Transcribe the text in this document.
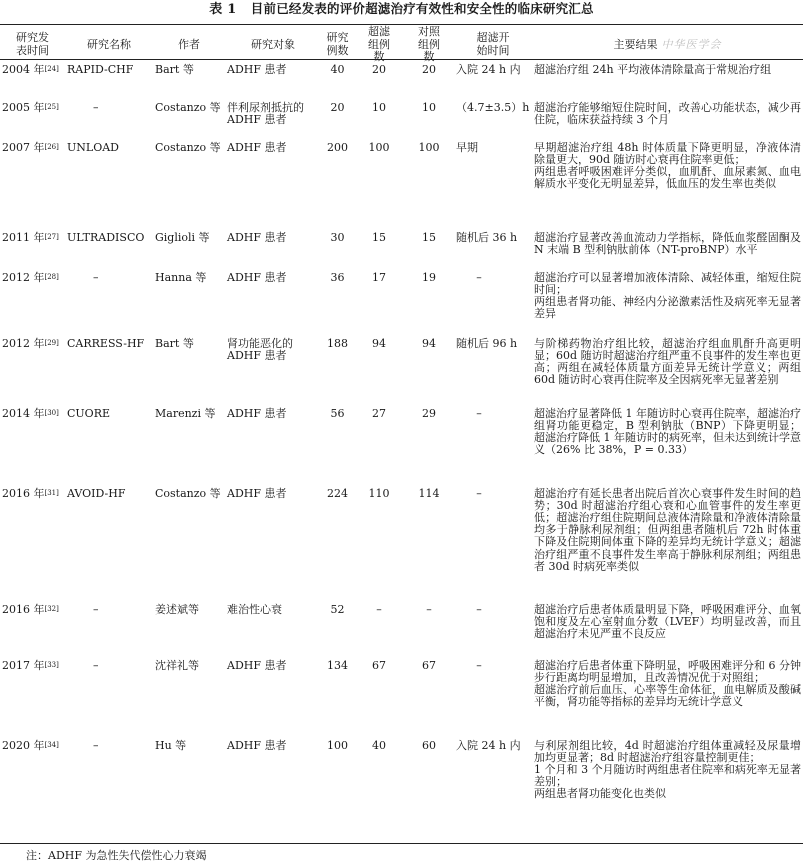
表 1 目前已经发表的评价超滤治疗有效性和安全性的临床研究汇总
研究发表时间	研究名称	作者	研究对象	研究例数	超滤组例数	对照组例数	超滤开始时间	主要结果 中华医学会
2004 年[24]	RAPID-CHF	Bart 等	ADHF 患者	40	20	20	入院 24 h 内	超滤治疗组 24h 平均液体清除量高于常规治疗组

2005 年[25]	–	Costanzo 等	伴利尿剂抵抗的 ADHF 患者	20	10	10	（4.7±3.5）h	超滤治疗能够缩短住院时间，改善心功能状态，减少再住院，临床获益持续 3 个月

2007 年[26]	UNLOAD	Costanzo 等	ADHF 患者	200	100	100	早期	早期超滤治疗组 48h 时体质量下降更明显，净液体清除量更大，90d 随访时心衰再住院率更低；
两组患者呼吸困难评分类似，血肌酐、血尿素氮、血电解质水平变化无明显差异，低血压的发生率也类似

2011 年[27]	ULTRADISCO	Giglioli 等	ADHF 患者	30	15	15	随机后 36 h	超滤治疗显著改善血流动力学指标，降低血浆醛固酮及 N 末端 B 型利钠肽前体（NT-proBNP）水平

2012 年[28]	–	Hanna 等	ADHF 患者	36	17	19	–	超滤治疗可以显著增加液体清除、减轻体重，缩短住院时间；
两组患者肾功能、神经内分泌激素活性及病死率无显著差异

2012 年[29]	CARRESS-HF	Bart 等	肾功能恶化的 ADHF 患者	188	94	94	随机后 96 h	与阶梯药物治疗组比较，超滤治疗组血肌酐升高更明显；60d 随访时超滤治疗组严重不良事件的发生率也更高；两组在减轻体质量方面差异无统计学意义；两组 60d 随访时心衰再住院率及全因病死率无显著差别

2014 年[30]	CUORE	Marenzi 等	ADHF 患者	56	27	29	–	超滤治疗显著降低 1 年随访时心衰再住院率，超滤治疗组肾功能更稳定，B 型利钠肽（BNP）下降更明显；超滤治疗降低 1 年随访时的病死率，但未达到统计学意义（26% 比 38%，P = 0.33）

2016 年[31]	AVOID-HF	Costanzo 等	ADHF 患者	224	110	114	–	超滤治疗有延长患者出院后首次心衰事件发生时间的趋势；30d 时超滤治疗组心衰和心血管事件的发生率更低；超滤治疗组住院期间总液体清除量和净液体清除量均多于静脉利尿剂组；但两组患者随机后 72h 时体重下降及住院期间体重下降的差异均无统计学意义；超滤治疗组严重不良事件发生率高于静脉利尿剂组；两组患者 30d 时病死率类似

2016 年[32]	–	姜述斌等	难治性心衰	52	–	–	–	超滤治疗后患者体质量明显下降，呼吸困难评分、血氧饱和度及左心室射血分数（LVEF）均明显改善，而且超滤治疗未见严重不良反应

2017 年[33]	–	沈祥礼等	ADHF 患者	134	67	67	–	超滤治疗后患者体重下降明显，呼吸困难评分和 6 分钟步行距离均明显增加，且改善情况优于对照组；
超滤治疗前后血压、心率等生命体征，血电解质及酸碱平衡，肾功能等指标的差异均无统计学意义

2020 年[34]	–	Hu 等	ADHF 患者	100	40	60	入院 24 h 内	与利尿剂组比较，4d 时超滤治疗组体重减轻及尿量增加均更显著；8d 时超滤治疗组容量控制更佳；
1 个月和 3 个月随访时两组患者住院率和病死率无显著差别；
两组患者肾功能变化也类似
注：ADHF 为急性失代偿性心力衰竭
